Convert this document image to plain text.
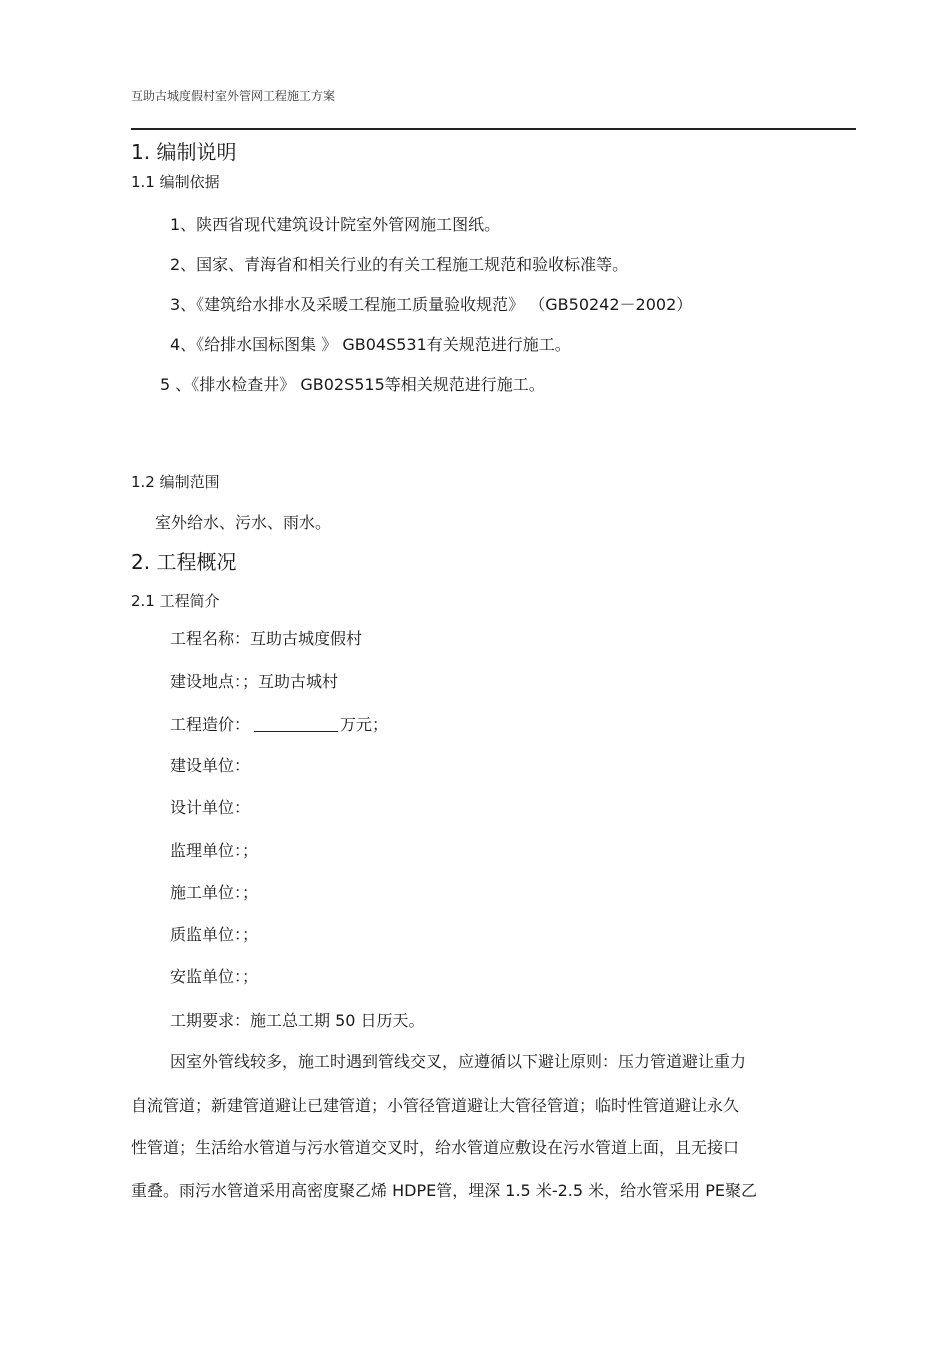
互助古城度假村室外管网工程施工方案
1. 编制说明
1.1 编制依据
1、陕西省现代建筑设计院室外管网施工图纸。
2、国家、青海省和相关行业的有关工程施工规范和验收标准等。
3、《建筑给水排水及采暖工程施工质量验收规范》 （GB50242－2002）
4、《给排水国标图集 》 GB04S531有关规范进行施工。
5 、《排水检查井》 GB02S515等相关规范进行施工。
1.2 编制范围
室外给水、污水、雨水。
2. 工程概况
2.1 工程简介
工程名称：互助古城度假村
建设地点：；互助古城村
工程造价：	万元；
建设单位：
设计单位：
监理单位：；
施工单位：；
质监单位：；
安监单位：；
工期要求：施工总工期 50 日历天。
因室外管线较多，施工时遇到管线交叉，应遵循以下避让原则：压力管道避让重力
自流管道；新建管道避让已建管道；小管径管道避让大管径管道；临时性管道避让永久
性管道；生活给水管道与污水管道交叉时，给水管道应敷设在污水管道上面，且无接口
重叠。雨污水管道采用高密度聚乙烯 HDPE管，埋深 1.5 米-2.5 米，给水管采用 PE聚乙
